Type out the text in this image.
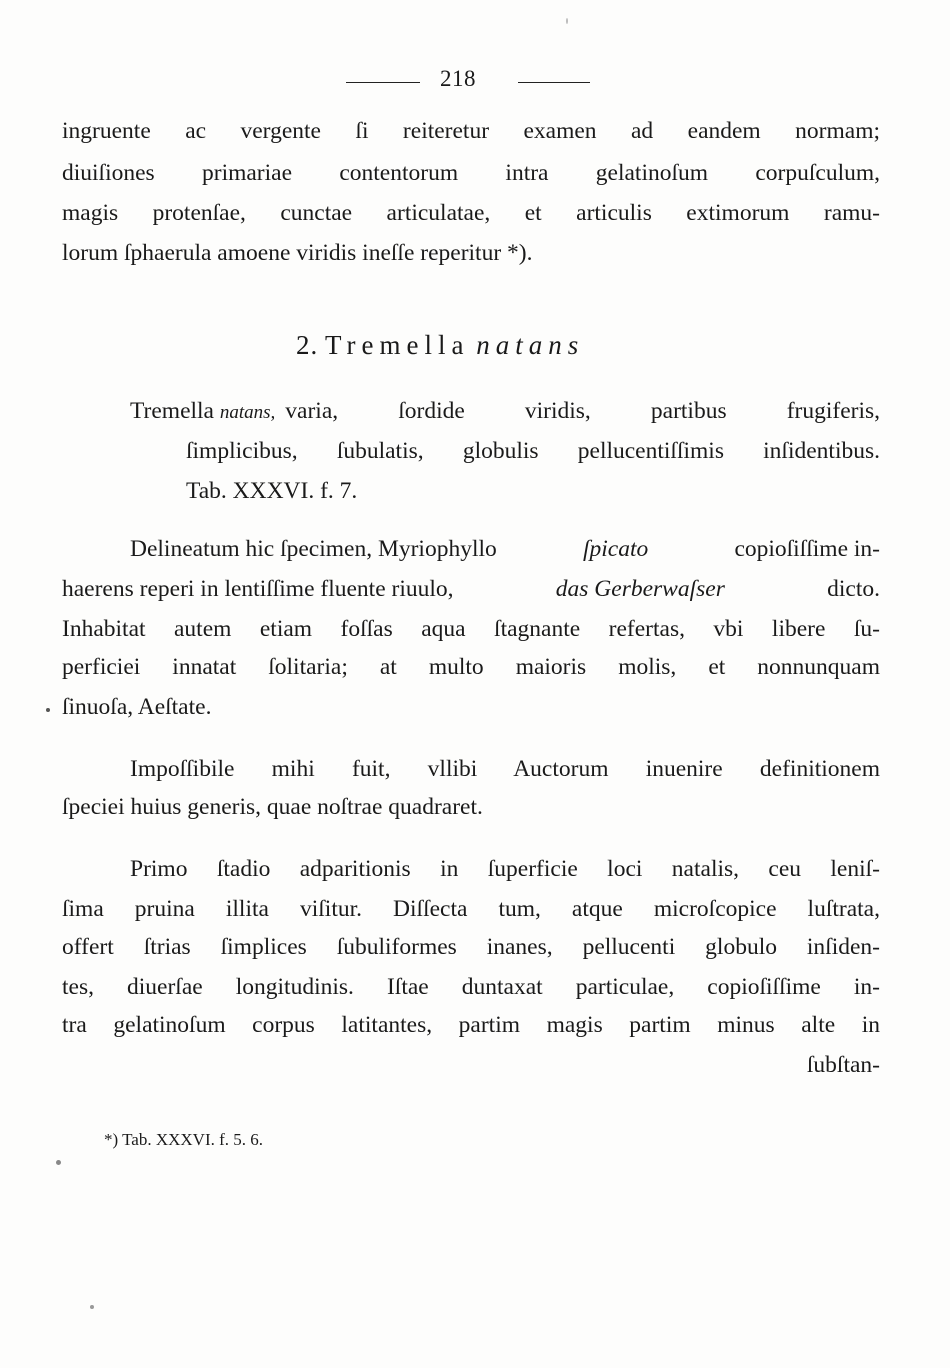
218
ingruente ac vergente ſi reiteretur examen ad eandem normam;
diuiſiones primariae contentorum intra gelatinoſum corpuſculum,
magis protenſae, cunctae articulatae, et articulis extimorum ramu-
lorum ſphaerula amoene viridis ineſſe reperitur *).
2. Tremella natans
Tremella natans, varia, ſordide viridis, partibus frugiferis,
ſimplicibus, ſubulatis, globulis pellucentiſſimis inſidentibus.
Tab. XXXVI. f. 7.
Delineatum hic ſpecimen, Myriophyllo	ſpicato	copioſiſſime in-
haerens reperi in lentiſſime fluente riuulo,	das Gerberwaſser	dicto.
Inhabitat autem etiam foſſas aqua ſtagnante refertas, vbi libere ſu-
perficiei innatat ſolitaria; at multo maioris molis, et nonnunquam
ſinuoſa, Aeſtate.
Impoſſibile mihi fuit, vllibi Auctorum inuenire definitionem
ſpeciei huius generis, quae noſtrae quadraret.
Primo ſtadio adparitionis in ſuperficie loci natalis, ceu leniſ-
ſima pruina illita viſitur. Diſſecta tum, atque microſcopice luſtrata,
offert ſtrias ſimplices ſubuliformes inanes, pellucenti globulo inſiden-
tes, diuerſae longitudinis. Iſtae duntaxat particulae, copioſiſſime in-
tra gelatinoſum corpus latitantes, partim magis partim minus alte in
ſubſtan-
*) Tab. XXXVI. f. 5. 6.
